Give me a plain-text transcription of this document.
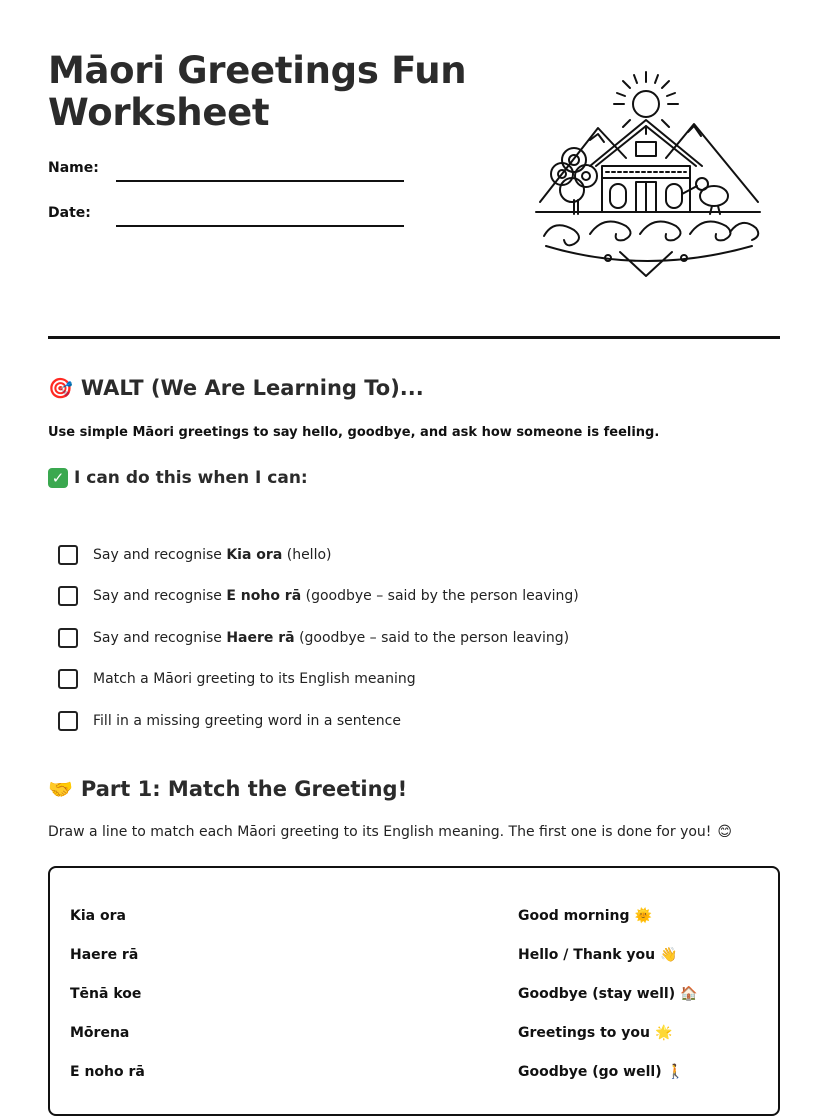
Māori Greetings Fun Worksheet
Name:
Date:
🎯 WALT (We Are Learning To)...
Use simple Māori greetings to say hello, goodbye, and ask how someone is feeling.
✓ I can do this when I can:
Say and recognise Kia ora (hello)
Say and recognise E noho rā (goodbye – said by the person leaving)
Say and recognise Haere rā (goodbye – said to the person leaving)
Match a Māori greeting to its English meaning
Fill in a missing greeting word in a sentence
🤝 Part 1: Match the Greeting!
Draw a line to match each Māori greeting to its English meaning. The first one is done for you! 😊
Kia ora
Haere rā
Tēnā koe
Mōrena
E noho rā
Good morning 🌞
Hello / Thank you 👋
Goodbye (stay well) 🏠
Greetings to you 🌟
Goodbye (go well) 🚶
